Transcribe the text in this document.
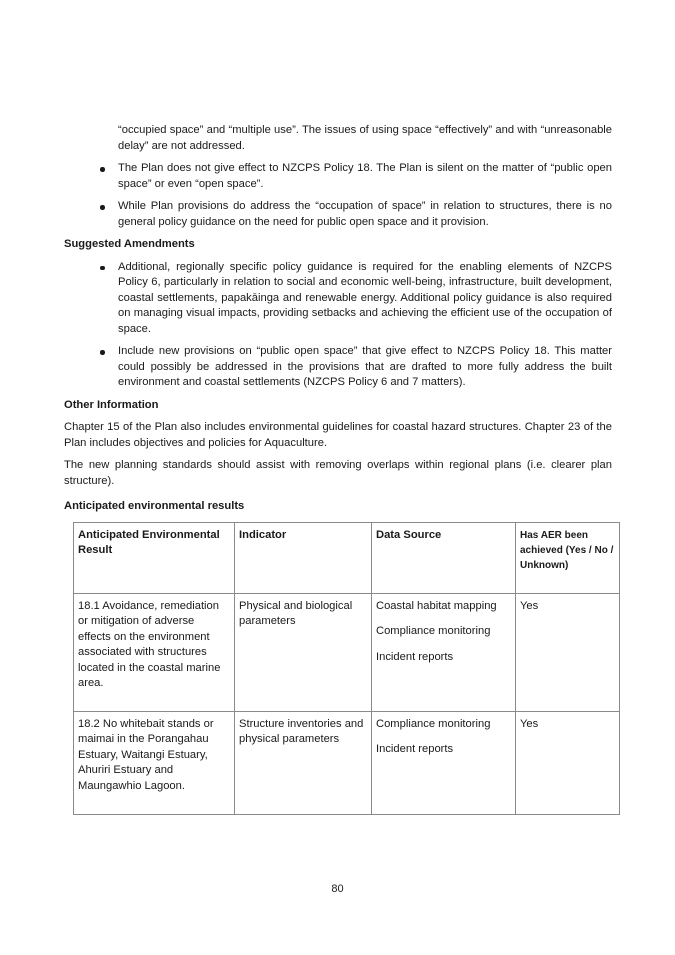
“occupied space” and “multiple use”. The issues of using space “effectively” and with “unreasonable delay” are not addressed.

The Plan does not give effect to NZCPS Policy 18. The Plan is silent on the matter of “public open space” or even “open space”.
While Plan provisions do address the “occupation of space” in relation to structures, there is no general policy guidance on the need for public open space and it provision.

Suggested Amendments

Additional, regionally specific policy guidance is required for the enabling elements of NZCPS Policy 6, particularly in relation to social and economic well-being, infrastructure, built development, coastal settlements, papakāinga and renewable energy. Additional policy guidance is also required on managing visual impacts, providing setbacks and achieving the efficient use of the occupation of space.
Include new provisions on “public open space” that give effect to NZCPS Policy 18. This matter could possibly be addressed in the provisions that are drafted to more fully address the built environment and coastal settlements (NZCPS Policy 6 and 7 matters).

Other Information

Chapter 15 of the Plan also includes environmental guidelines for coastal hazard structures. Chapter 23 of the Plan includes objectives and policies for Aquaculture.

The new planning standards should assist with removing overlaps within regional plans (i.e. clearer plan structure).

Anticipated environmental results

Anticipated Environmental Result	Indicator	Data Source	Has AER been achieved (Yes / No / Unknown)
18.1 Avoidance, remediation or mitigation of adverse effects on the environment associated with structures located in the coastal marine area.	Physical and biological parameters	Coastal habitat mapping

Compliance monitoring

Incident reports	Yes
18.2 No whitebait stands or maimai in the Porangahau Estuary, Waitangi Estuary, Ahuriri Estuary and Maungawhio Lagoon.	Structure inventories and physical parameters	Compliance monitoring

Incident reports	Yes
80
